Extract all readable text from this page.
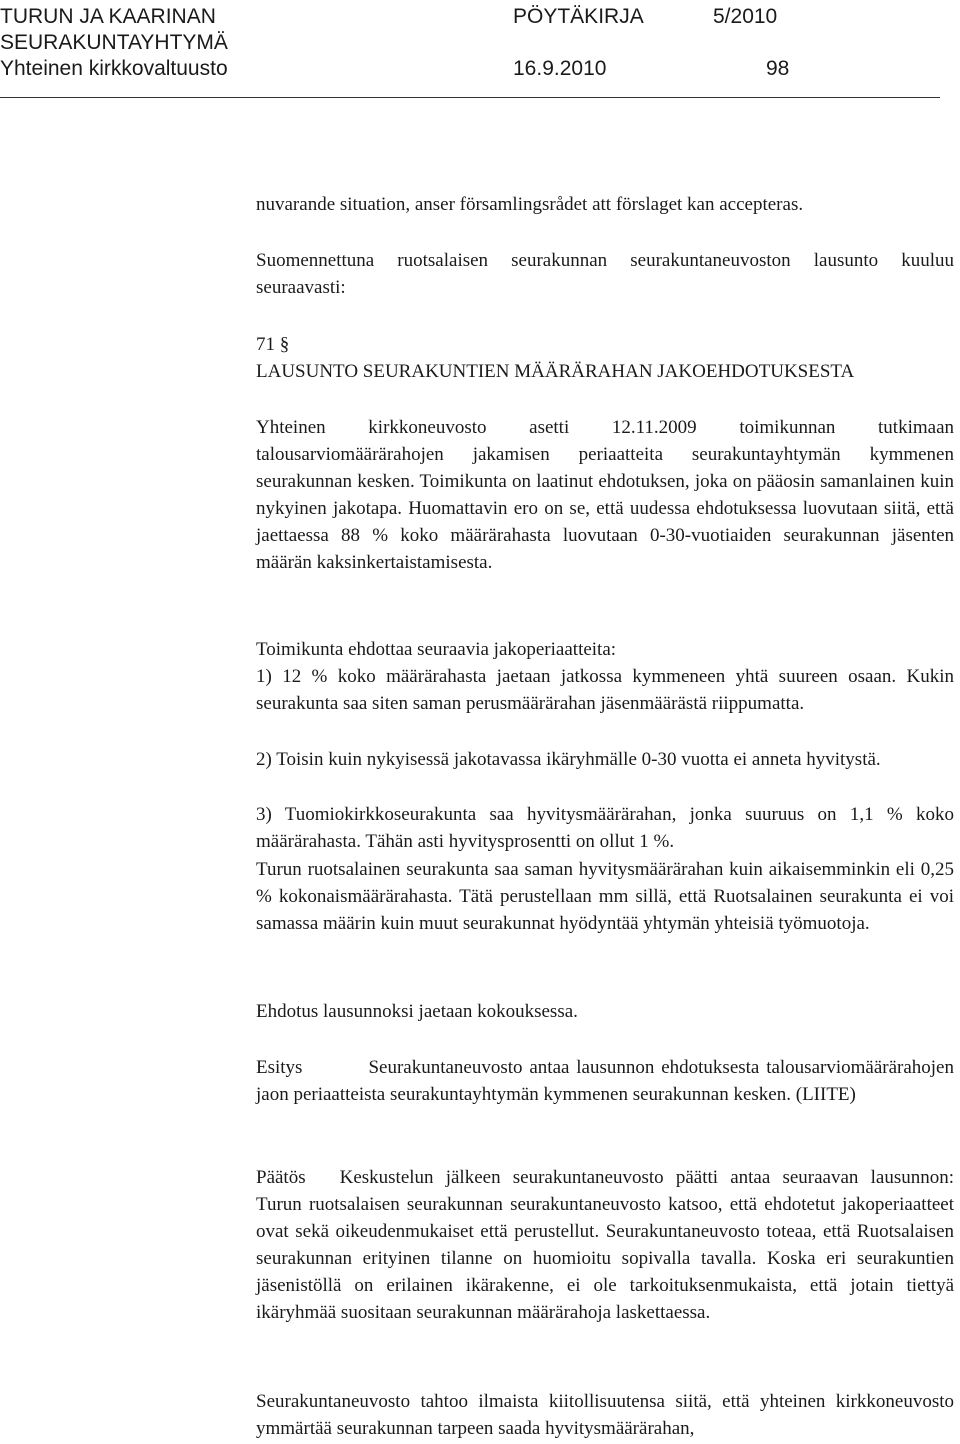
TURUN JA KAARINAN
SEURAKUNTAYHTYMÄ
Yhteinen kirkkovaltuusto
PÖYTÄKIRJA	5/2010
16.9.2010	98

nuvarande situation, anser församlingsrådet att förslaget kan accepteras.

Suomennettuna ruotsalaisen seurakunnan seurakuntaneuvoston lausunto kuuluu seuraavasti:

71 §

LAUSUNTO SEURAKUNTIEN MÄÄRÄRAHAN JAKOEHDOTUKSESTA

Yhteinen kirkkoneuvosto asetti 12.11.2009 toimikunnan tutkimaan talousarviomäärärahojen jakamisen periaatteita seurakuntayhtymän kymmenen seurakunnan kesken. Toimikunta on laatinut ehdotuksen, joka on pääosin samanlainen kuin nykyinen jakotapa. Huomattavin ero on se, että uudessa ehdotuksessa luovutaan siitä, että jaettaessa 88 % koko määrärahasta luovutaan 0-30-vuotiaiden seurakunnan jäsenten määrän kaksinkertaistamisesta.

Toimikunta ehdottaa seuraavia jakoperiaatteita:

1) 12 % koko määrärahasta jaetaan jatkossa kymmeneen yhtä suureen osaan. Kukin seurakunta saa siten saman perusmäärärahan jäsenmäärästä riippumatta.

2) Toisin kuin nykyisessä jakotavassa ikäryhmälle 0-30 vuotta ei anneta hyvitystä.

3) Tuomiokirkkoseurakunta saa hyvitysmäärärahan, jonka suuruus on 1,1 % koko määrärahasta. Tähän asti hyvitysprosentti on ollut 1 %.

Turun ruotsalainen seurakunta saa saman hyvitysmäärärahan kuin aikaisemminkin eli 0,25 % kokonaismäärärahasta. Tätä perustellaan mm sillä, että Ruotsalainen seurakunta ei voi samassa määrin kuin muut seurakunnat hyödyntää yhtymän yhteisiä työmuotoja.

Ehdotus lausunnoksi jaetaan kokouksessa.

Esitys	Seurakuntaneuvosto antaa lausunnon ehdotuksesta talousarviomäärärahojen jaon periaatteista seurakuntayhtymän kymmenen seurakunnan kesken. (LIITE)

Päätös Keskustelun jälkeen seurakuntaneuvosto päätti antaa seuraavan lausunnon: Turun ruotsalaisen seurakunnan seurakuntaneuvosto katsoo, että ehdotetut jakoperiaatteet ovat sekä oikeudenmukaiset että perustellut. Seurakuntaneuvosto toteaa, että Ruotsalaisen seurakunnan erityinen tilanne on huomioitu sopivalla tavalla. Koska eri seurakuntien jäsenistöllä on erilainen ikärakenne, ei ole tarkoituksenmukaista, että jotain tiettyä ikäryhmää suositaan seurakunnan määrärahoja laskettaessa.

Seurakuntaneuvosto tahtoo ilmaista kiitollisuutensa siitä, että yhteinen kirkkoneuvosto ymmärtää seurakunnan tarpeen saada hyvitysmäärärahan,
